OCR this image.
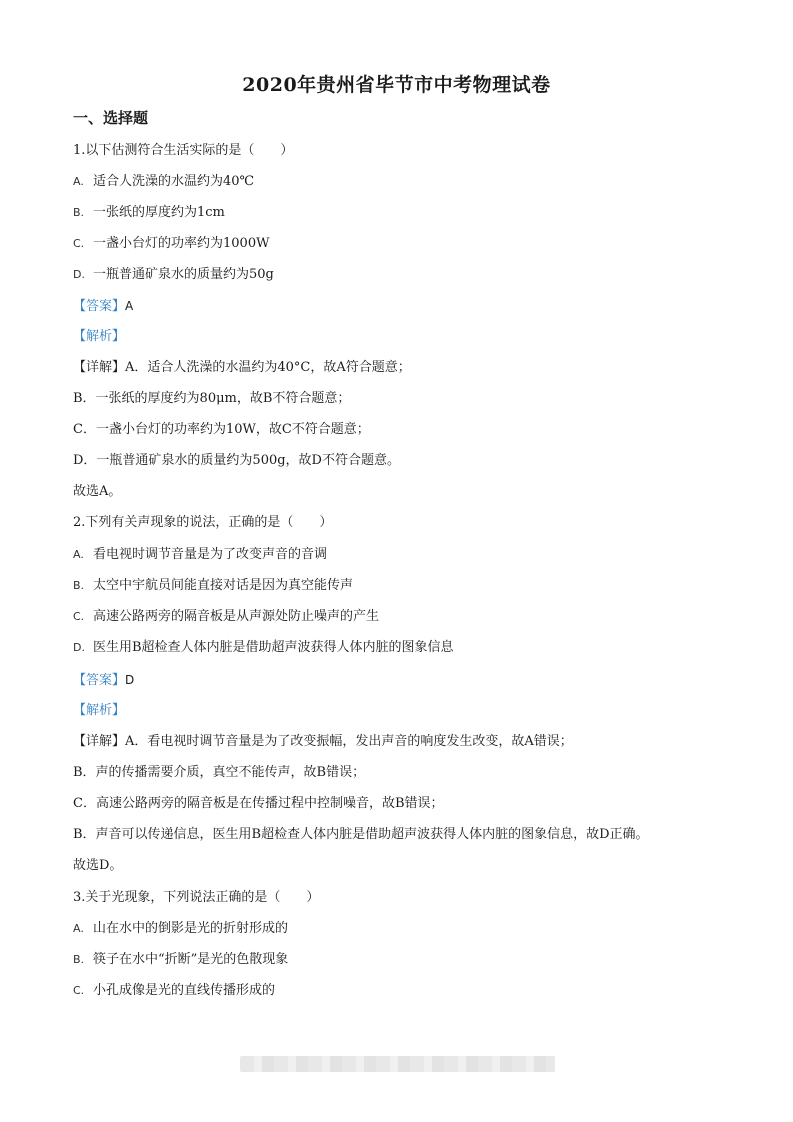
2020年贵州省毕节市中考物理试卷
一、选择题
1.以下估测符合生活实际的是（　　）
A. 适合人洗澡的水温约为40℃
B. 一张纸的厚度约为1cm
C. 一盏小台灯的功率约为1000W
D. 一瓶普通矿泉水的质量约为50g
【答案】A
【解析】
【详解】A．适合人洗澡的水温约为40°C，故A符合题意；
B．一张纸的厚度约为80μm，故B不符合题意；
C．一盏小台灯的功率约为10W，故C不符合题意；
D．一瓶普通矿泉水的质量约为500g，故D不符合题意。
故选A。
2.下列有关声现象的说法，正确的是（　　）
A. 看电视时调节音量是为了改变声音的音调
B. 太空中宇航员间能直接对话是因为真空能传声
C. 高速公路两旁的隔音板是从声源处防止噪声的产生
D. 医生用B超检查人体内脏是借助超声波获得人体内脏的图象信息
【答案】D
【解析】
【详解】A．看电视时调节音量是为了改变振幅，发出声音的响度发生改变，故A错误；
B．声的传播需要介质，真空不能传声，故B错误；
C．高速公路两旁的隔音板是在传播过程中控制噪音，故B错误；
B．声音可以传递信息，医生用B超检查人体内脏是借助超声波获得人体内脏的图象信息，故D正确。
故选D。
3.关于光现象，下列说法正确的是（　　）
A. 山在水中的倒影是光的折射形成的
B. 筷子在水中“折断”是光的色散现象
C. 小孔成像是光的直线传播形成的
